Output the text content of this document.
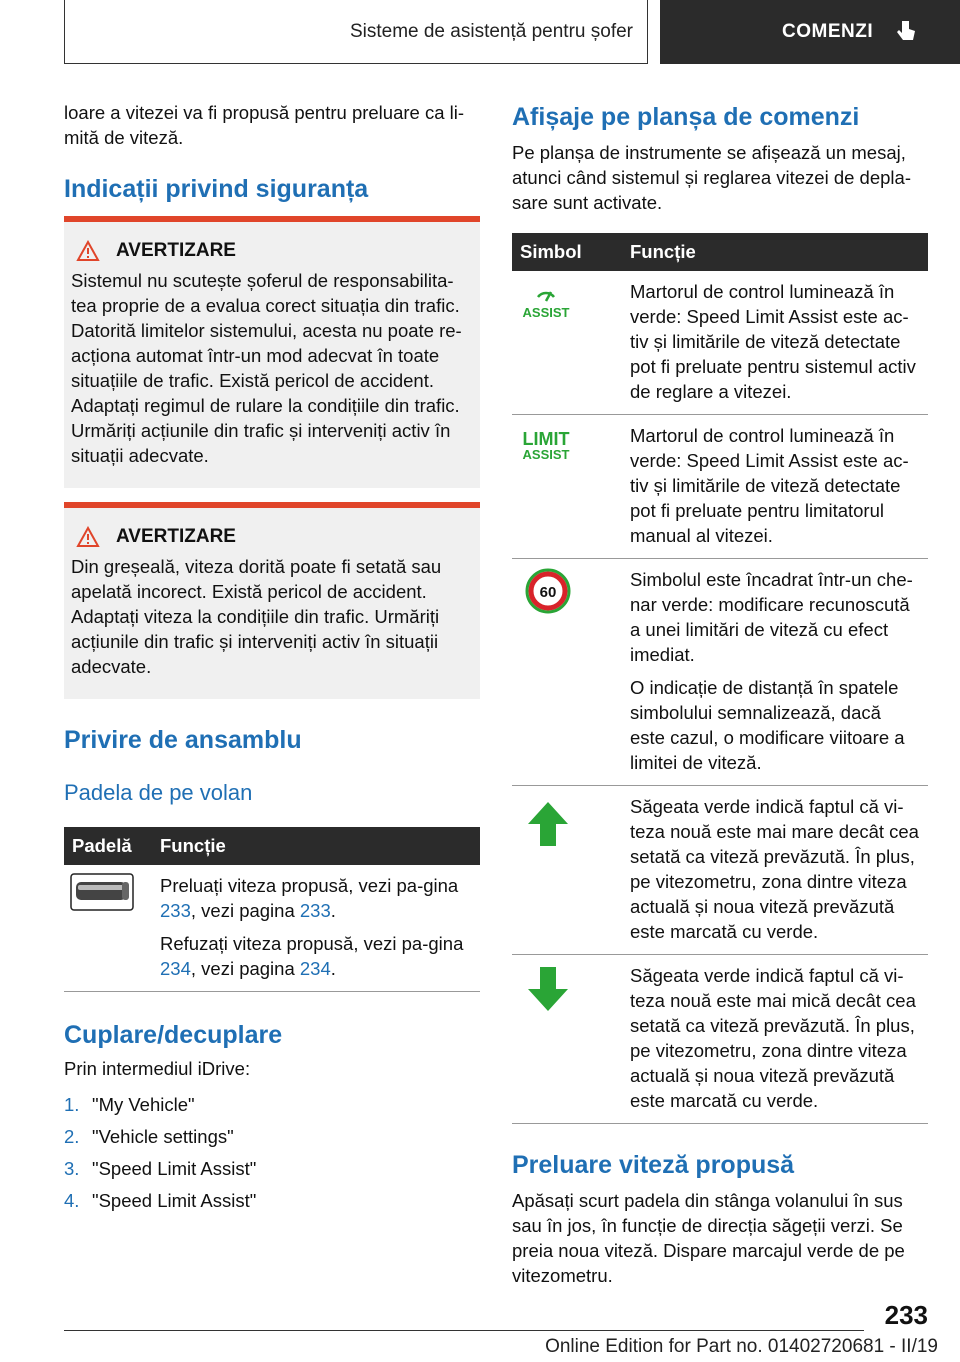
Sisteme de asistență pentru șofer	COMENZI

loare a vitezei va fi propusă pentru preluare ca li-mită de viteză.

Indicații privind siguranța
AVERTIZARE

Sistemul nu scutește șoferul de responsabilita-tea proprie de a evalua corect situația din trafic. Datorită limitelor sistemului, acesta nu poate re-acționa automat într-un mod adecvat în toate situațiile de trafic. Există pericol de accident. Adaptați regimul de rulare la condițiile din trafic. Urmăriți acțiunile din trafic și interveniți activ în situații adecvate.

AVERTIZARE

Din greșeală, viteza dorită poate fi setată sau apelată incorect. Există pericol de accident. Adaptați viteza la condițiile din trafic. Urmăriți acțiunile din trafic și interveniți activ în situații adecvate.

Privire de ansamblu
Padela de pe volan
Padelă	Funcție

Preluați viteza propusă, vezi pa-gina 233, vezi pagina 233.

Refuzați viteza propusă, vezi pa-gina 234, vezi pagina 234.

Cuplare/decuplare

Prin intermediul iDrive:

1. "My Vehicle"
2. "Vehicle settings"
3. "Speed Limit Assist"
4. "Speed Limit Assist"
Afișaje pe planșa de comenzi

Pe planșa de instrumente se afișează un mesaj, atunci când sistemul și reglarea vitezei de depla-sare sunt activate.

Simbol	Funcție

ASSIST	Martorul de control luminează în verde: Speed Limit Assist este ac-tiv și limitările de viteză detectate pot fi preluate pentru sistemul activ de reglare a vitezei.

LIMIT
ASSIST	Martorul de control luminează în verde: Speed Limit Assist este ac-tiv și limitările de viteză detectate pot fi preluate pentru limitatorul manual al vitezei.

60	Simbolul este încadrat într-un che-nar verde: modificare recunoscută a unei limitări de viteză cu efect imediat.

O indicație de distanță în spatele simbolului semnalizează, dacă este cazul, o modificare viitoare a limitei de viteză.

Săgeata verde indică faptul că vi-teza nouă este mai mare decât cea setată ca viteză prevăzută. În plus, pe vitezometru, zona dintre viteza actuală și noua viteză prevăzută este marcată cu verde.

Săgeata verde indică faptul că vi-teza nouă este mai mică decât cea setată ca viteză prevăzută. În plus, pe vitezometru, zona dintre viteza actuală și noua viteză prevăzută este marcată cu verde.

Preluare viteză propusă

Apăsați scurt padela din stânga volanului în sus sau în jos, în funcție de direcția săgeții verzi. Se preia noua viteză. Dispare marcajul verde de pe vitezometru.

233
Online Edition for Part no. 01402720681 - II/19
